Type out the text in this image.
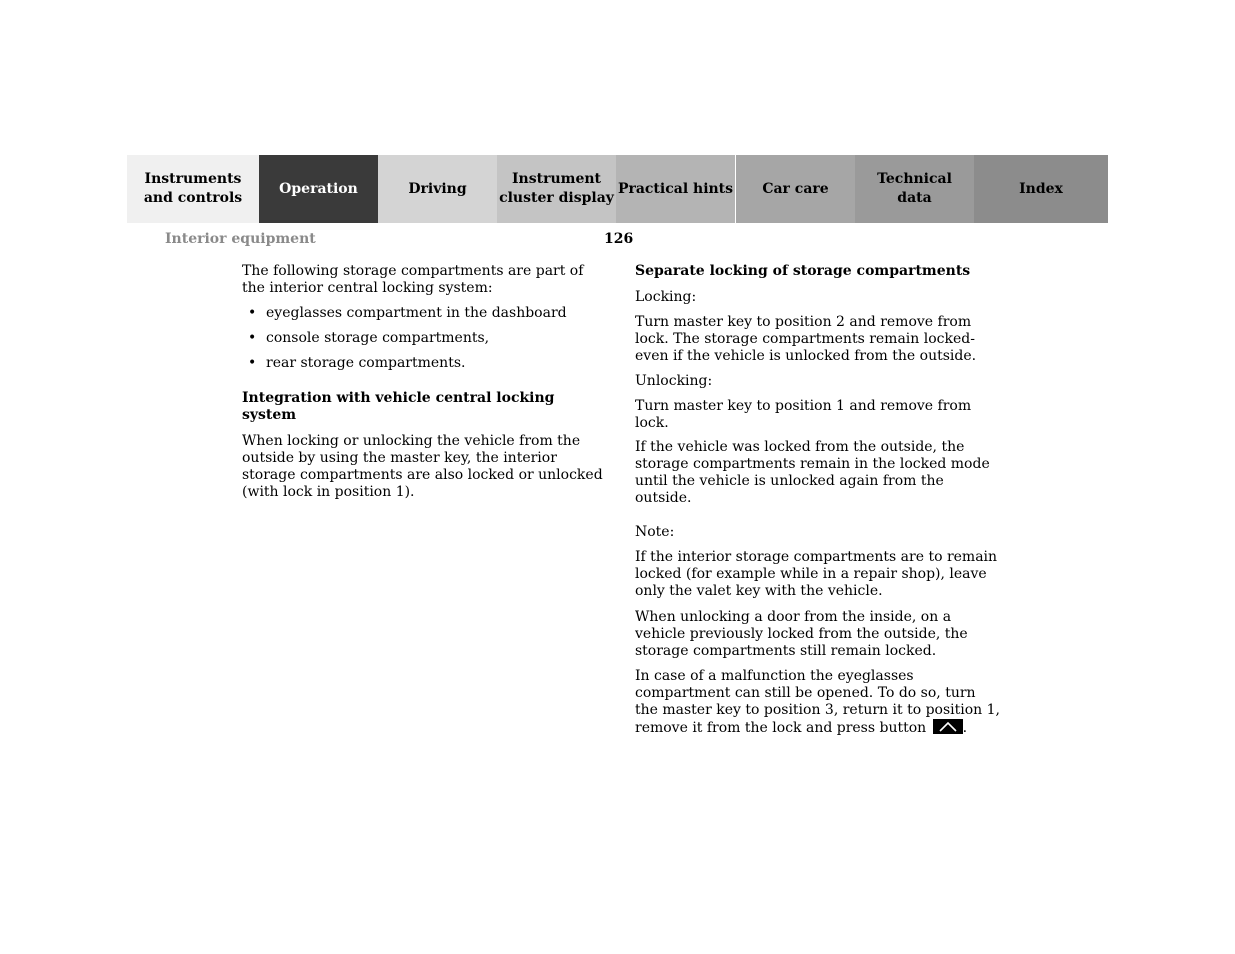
Instruments
and controls
Operation	Driving
Instrument
cluster display
Practical hints	Car care
Technical
data
Index
Interior equipment	126

The following storage compartments are part of the interior central locking system:

• eyeglasses compartment in the dashboard
• console storage compartments,
• rear storage compartments.

Integration with vehicle central locking system

When locking or unlocking the vehicle from the outside by using the master key, the interior storage compartments are also locked or unlocked (with lock in position 1).

Separate locking of storage compartments

Locking:

Turn master key to position 2 and remove from lock. The storage compartments remain locked- even if the vehicle is unlocked from the outside.

Unlocking:

Turn master key to position 1 and remove from lock.

If the vehicle was locked from the outside, the storage compartments remain in the locked mode until the vehicle is unlocked again from the outside.

Note:

If the interior storage compartments are to remain locked (for example while in a repair shop), leave only the valet key with the vehicle.

When unlocking a door from the inside, on a vehicle previously locked from the outside, the storage compartments still remain locked.

In case of a malfunction the eyeglasses compartment can still be opened. To do so, turn the master key to position 3, return it to position 1, remove it from the lock and press button	.
